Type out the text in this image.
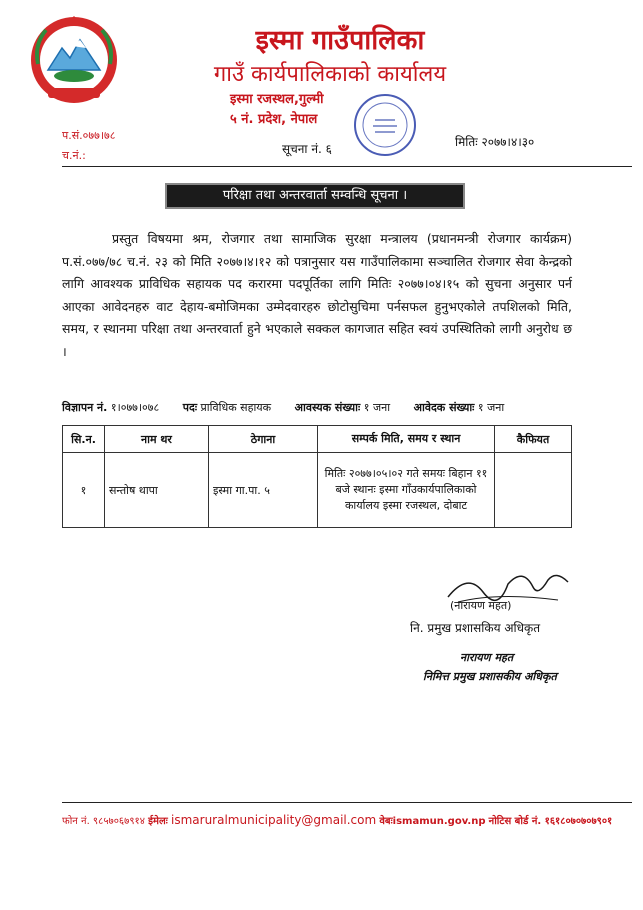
इस्मा गाउँपालिका
गाउँ कार्यपालिकाको कार्यालय
इस्मा रजस्थल,गुल्मी
५ नं. प्रदेश, नेपाल
प.सं.०७७।७८
च.नं.:	सूचना नं. ६	मितिः २०७७।४।३०
परिक्षा तथा अन्तरवार्ता सम्वन्धि सूचना ।
प्रस्तुत विषयमा श्रम, रोजगार तथा सामाजिक सुरक्षा मन्त्रालय (प्रधानमन्त्री रोजगार कार्यक्रम) प.सं.०७७/७८ च.नं. २३ को मिति २०७७।४।१२ को पत्रानुसार यस गाउँपालिकामा सञ्चालित रोजगार सेवा केन्द्रको लागि आवश्यक प्राविधिक सहायक पद करारमा पदपूर्तिका लागि मितिः २०७७।०४।१५ को सुचना अनुसार पर्न आएका आवेदनहरु वाट देहाय-बमोजिमका उम्मेदवारहरु छोटोसुचिमा पर्नसफल हुनुभएकोले तपशिलको मिति, समय, र स्थानमा परिक्षा तथा अन्तरवार्ता हुने भएकाले सक्कल कागजात सहित स्वयं उपस्थितिको लागी अनुरोध छ ।
विज्ञापन नं. १।०७७।०७८ पदः प्राविधिक सहायक आवस्यक संख्याः १ जना आवेदक संख्याः १ जना
सि.न.	नाम थर	ठेगाना	सम्पर्क मिति, समय र स्थान	कैफियत
१	सन्तोष थापा	इस्मा गा.पा. ५	मितिः २०७७।०५।०२ गते समयः बिहान ११ बजे स्थानः इस्मा गाँउकार्यपालिकाको कार्यालय इस्मा रजस्थल, दोबाट	
(नारायण महत)
नि. प्रमुख प्रशासकिय अधिकृत
नारायण महत
निमित्त प्रमुख प्रशासकीय अधिकृत
फोन नं. ९८५७०६७९१४ ईमेलः ismaruralmunicipality@gmail.com वेबःismamun.gov.np नोटिस बोर्ड नं. १६१८०७०७०७९०१
